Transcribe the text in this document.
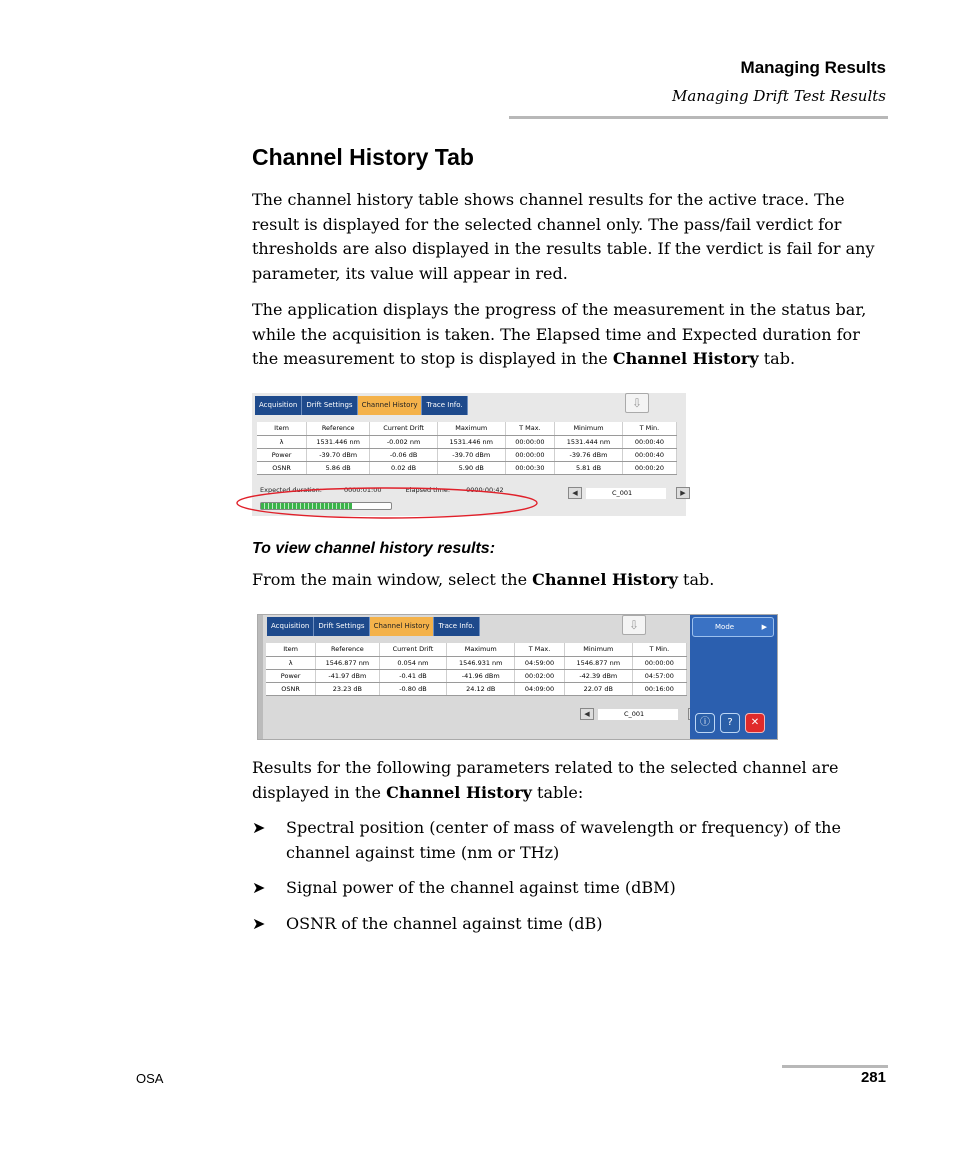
Managing Results
Managing Drift Test Results
Channel History Tab

The channel history table shows channel results for the active trace. The result is displayed for the selected channel only. The pass/fail verdict for thresholds are also displayed in the results table. If the verdict is fail for any parameter, its value will appear in red.

The application displays the progress of the measurement in the status bar, while the acquisition is taken. The Elapsed time and Expected duration for the measurement to stop is displayed in the Channel History tab.

Acquisition	Drift Settings	Channel History	Trace Info.	⇩
Item	Reference	Current Drift	Maximum	T Max.	Minimum	T Min.
λ	1531.446 nm	-0.002 nm	1531.446 nm	00:00:00	1531.444 nm	00:00:40
Power	-39.70 dBm	-0.06 dB	-39.70 dBm	00:00:00	-39.76 dBm	00:00:40
OSNR	5.86 dB	0.02 dB	5.90 dB	00:00:30	5.81 dB	00:00:20
Expected duration:	0000:01:00	Elapsed time: 0000:00:42	◀	C_001	▶
To view channel history results:

From the main window, select the Channel History tab.

Acquisition	Drift Settings	Channel History	Trace Info.	⇩
Item	Reference	Current Drift	Maximum	T Max.	Minimum	T Min.
λ	1546.877 nm	0.054 nm	1546.931 nm	04:59:00	1546.877 nm	00:00:00
Power	-41.97 dBm	-0.41 dB	-41.96 dBm	00:02:00	-42.39 dBm	04:57:00
OSNR	23.23 dB	-0.80 dB	24.12 dB	04:09:00	22.07 dB	00:16:00
◀	C_001
Mode	▶
ⓘ	?	✕

Results for the following parameters related to the selected channel are displayed in the Channel History table:

➤ Spectral position (center of mass of wavelength or frequency) of the channel against time (nm or THz)
➤ Signal power of the channel against time (dBM)
➤ OSNR of the channel against time (dB)
OSA	281
